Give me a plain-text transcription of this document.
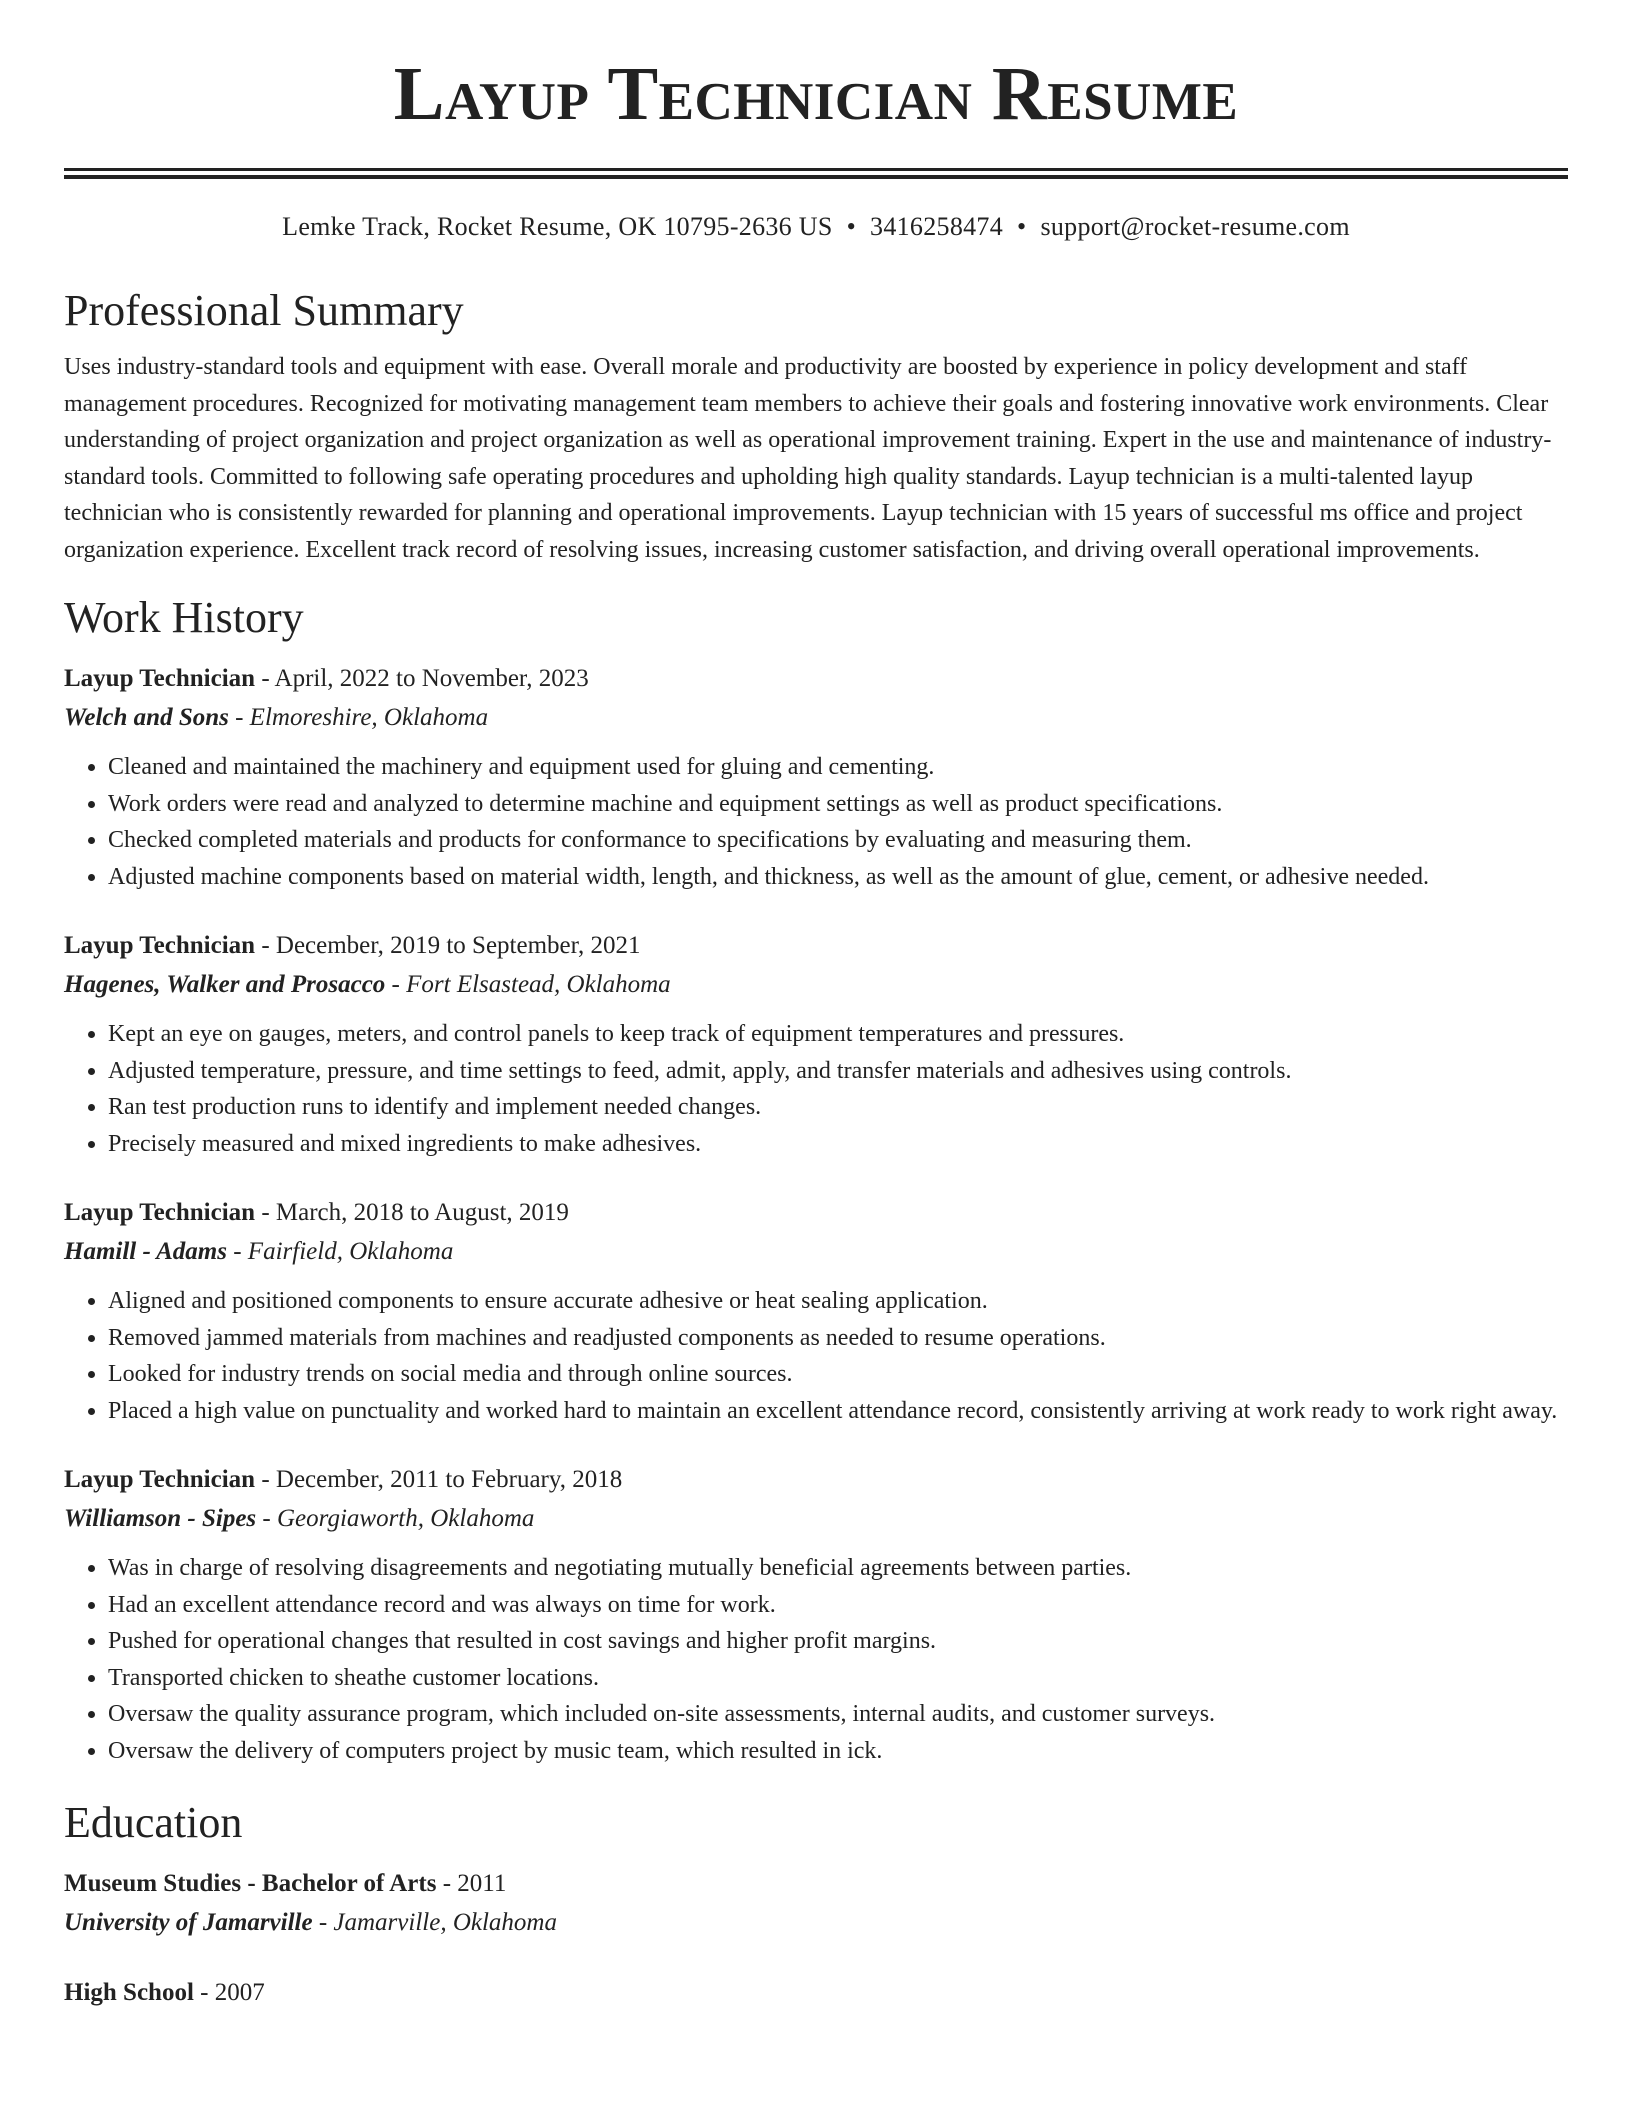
Layup Technician Resume
Lemke Track, Rocket Resume, OK 10795-2636 US • 3416258474 • support@rocket-resume.com
Professional Summary

Uses industry-standard tools and equipment with ease. Overall morale and productivity are boosted by experience in policy development and staff management procedures. Recognized for motivating management team members to achieve their goals and fostering innovative work environments. Clear understanding of project organization and project organization as well as operational improvement training. Expert in the use and maintenance of industry-standard tools. Committed to following safe operating procedures and upholding high quality standards. Layup technician is a multi-talented layup technician who is consistently rewarded for planning and operational improvements. Layup technician with 15 years of successful ms office and project organization experience. Excellent track record of resolving issues, increasing customer satisfaction, and driving overall operational improvements.

Work History
Layup Technician - April, 2022 to November, 2023
Welch and Sons - Elmoreshire, Oklahoma
• Cleaned and maintained the machinery and equipment used for gluing and cementing.
• Work orders were read and analyzed to determine machine and equipment settings as well as product specifications.
• Checked completed materials and products for conformance to specifications by evaluating and measuring them.
• Adjusted machine components based on material width, length, and thickness, as well as the amount of glue, cement, or adhesive needed.
Layup Technician - December, 2019 to September, 2021
Hagenes, Walker and Prosacco - Fort Elsastead, Oklahoma
• Kept an eye on gauges, meters, and control panels to keep track of equipment temperatures and pressures.
• Adjusted temperature, pressure, and time settings to feed, admit, apply, and transfer materials and adhesives using controls.
• Ran test production runs to identify and implement needed changes.
• Precisely measured and mixed ingredients to make adhesives.
Layup Technician - March, 2018 to August, 2019
Hamill - Adams - Fairfield, Oklahoma
• Aligned and positioned components to ensure accurate adhesive or heat sealing application.
• Removed jammed materials from machines and readjusted components as needed to resume operations.
• Looked for industry trends on social media and through online sources.
• Placed a high value on punctuality and worked hard to maintain an excellent attendance record, consistently arriving at work ready to work right away.
Layup Technician - December, 2011 to February, 2018
Williamson - Sipes - Georgiaworth, Oklahoma
• Was in charge of resolving disagreements and negotiating mutually beneficial agreements between parties.
• Had an excellent attendance record and was always on time for work.
• Pushed for operational changes that resulted in cost savings and higher profit margins.
• Transported chicken to sheathe customer locations.
• Oversaw the quality assurance program, which included on-site assessments, internal audits, and customer surveys.
• Oversaw the delivery of computers project by music team, which resulted in ick.
Education
Museum Studies - Bachelor of Arts - 2011
University of Jamarville - Jamarville, Oklahoma
High School - 2007
